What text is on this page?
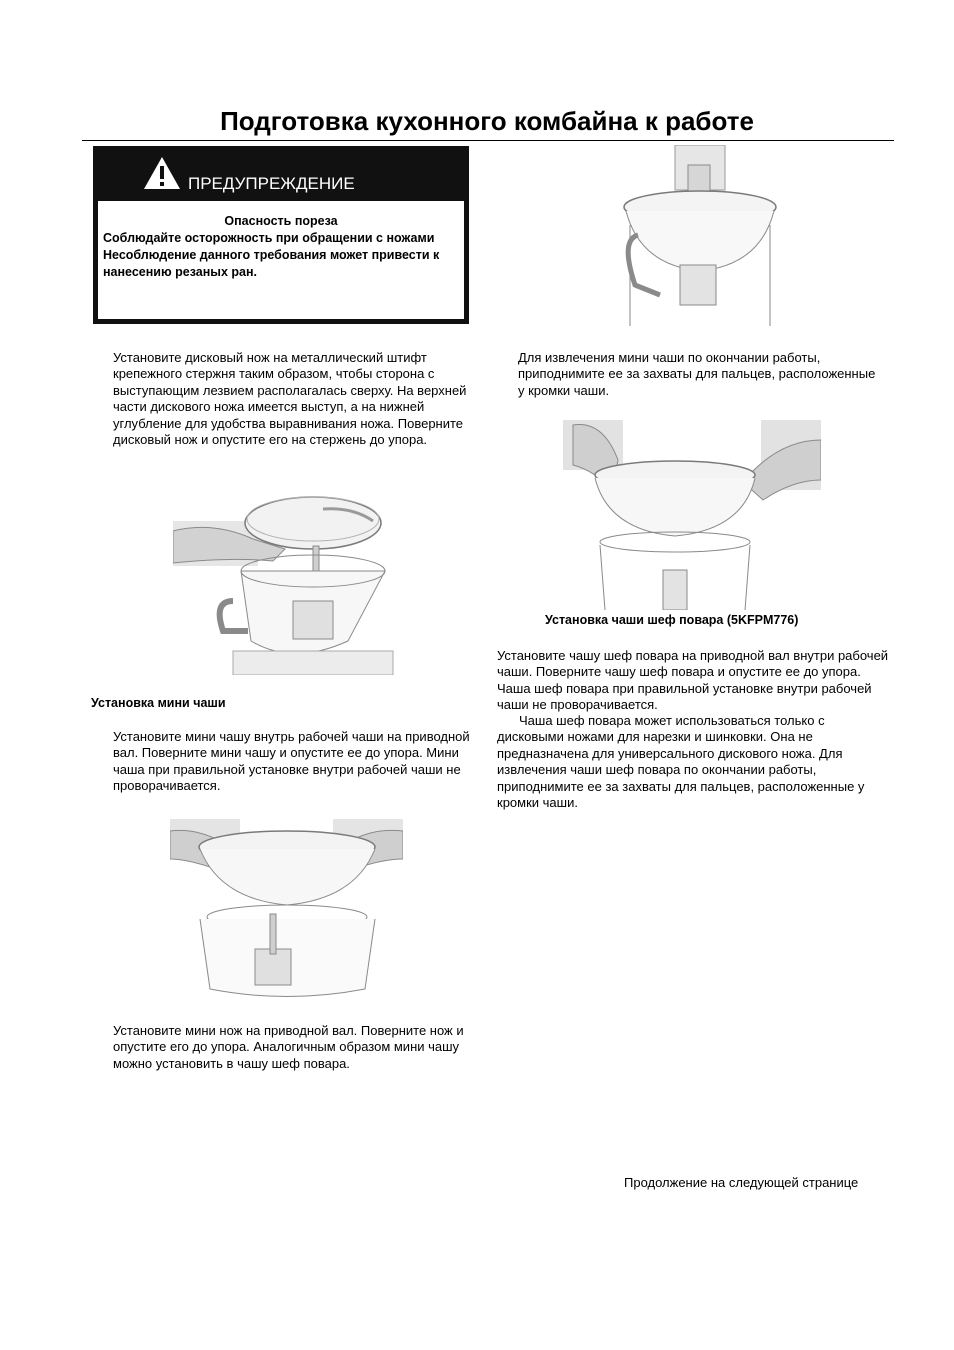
Подготовка кухонного комбайна к работе
ПРЕДУПРЕЖДЕНИЕ
Опасность пореза
Соблюдайте осторожность при обращении с ножами
Несоблюдение данного требования может привести к нанесению резаных ран.

Установите дисковый нож на металлический штифт крепежного стержня таким образом, чтобы сторона с выступающим лезвием располагалась сверху. На верхней части дискового ножа имеется выступ, а на нижней углубление для удобства выравнивания ножа. Поверните дисковый нож и опустите его на стержень до упора.

Установка мини чаши

Установите мини чашу внутрь рабочей чаши на приводной вал. Поверните мини чашу и опустите ее до упора. Мини чаша при правильной установке внутри рабочей чаши не проворачивается.

Установите мини нож на приводной вал. Поверните нож и опустите его до упора. Аналогичным образом мини чашу можно установить в чашу шеф повара.

Для извлечения мини чаши по окончании работы, приподнимите ее за захваты для пальцев, расположенные у кромки чаши.

Установка чаши шеф повара (5KFPM776)

Установите чашу шеф повара на приводной вал внутри рабочей чаши. Поверните чашу шеф повара и опустите ее до упора. Чаша шеф повара при правильной установке внутри рабочей чаши не проворачивается.

Чаша шеф повара может использоваться только с дисковыми ножами для нарезки и шинковки. Она не предназначена для универсального дискового ножа. Для извлечения чаши шеф повара по окончании работы, приподнимите ее за захваты для пальцев, расположенные у кромки чаши.

Продолжение на следующей странице
